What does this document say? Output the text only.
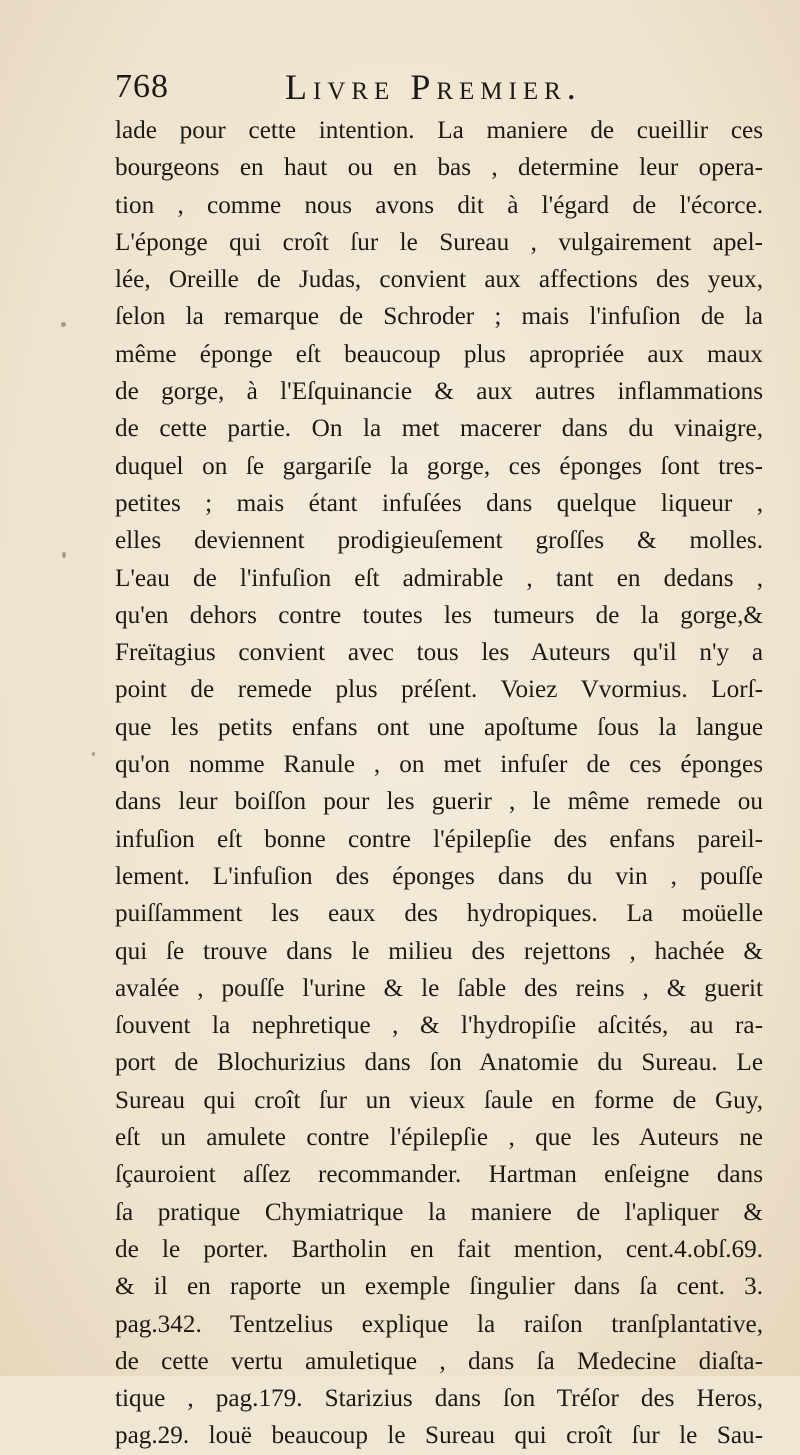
768	Livre Premier.
lade pour cette intention. La maniere de cueillir ces
bourgeons en haut ou en bas , determine leur opera-
tion , comme nous avons dit à l'égard de l'écorce.
L'éponge qui croît ſur le Sureau , vulgairement apel-
lée, Oreille de Judas, convient aux affections des yeux,
ſelon la remarque de Schroder ; mais l'infuſion de la
même éponge eſt beaucoup plus apropriée aux maux
de gorge, à l'Eſquinancie & aux autres inflammations
de cette partie. On la met macerer dans du vinaigre,
duquel on ſe gargariſe la gorge, ces éponges ſont tres-
petites ; mais étant infuſées dans quelque liqueur ,
elles deviennent prodigieuſement groſſes & molles.
L'eau de l'infuſion eſt admirable , tant en dedans ,
qu'en dehors contre toutes les tumeurs de la gorge,&
Freïtagius convient avec tous les Auteurs qu'il n'y a
point de remede plus préſent. Voiez Vvormius. Lorſ-
que les petits enfans ont une apoſtume ſous la langue
qu'on nomme Ranule , on met infuſer de ces éponges
dans leur boiſſon pour les guerir , le même remede ou
infuſion eſt bonne contre l'épilepſie des enfans pareil-
lement. L'infuſion des éponges dans du vin , pouſſe
puiſſamment les eaux des hydropiques. La moüelle
qui ſe trouve dans le milieu des rejettons , hachée &
avalée , pouſſe l'urine & le ſable des reins , & guerit
ſouvent la nephretique , & l'hydropiſie aſcités, au ra-
port de Blochurizius dans ſon Anatomie du Sureau. Le
Sureau qui croît ſur un vieux ſaule en forme de Guy,
eſt un amulete contre l'épilepſie , que les Auteurs ne
ſçauroient aſſez recommander. Hartman enſeigne dans
ſa pratique Chymiatrique la maniere de l'apliquer &
de le porter. Bartholin en fait mention, cent.4.obſ.69.
& il en raporte un exemple ſingulier dans ſa cent. 3.
pag.342. Tentzelius explique la raiſon tranſplantative,
de cette vertu amuletique , dans ſa Medecine diaſta-
tique , pag.179. Starizius dans ſon Tréſor des Heros,
pag.29. louë beaucoup le Sureau qui croît ſur le Sau-
